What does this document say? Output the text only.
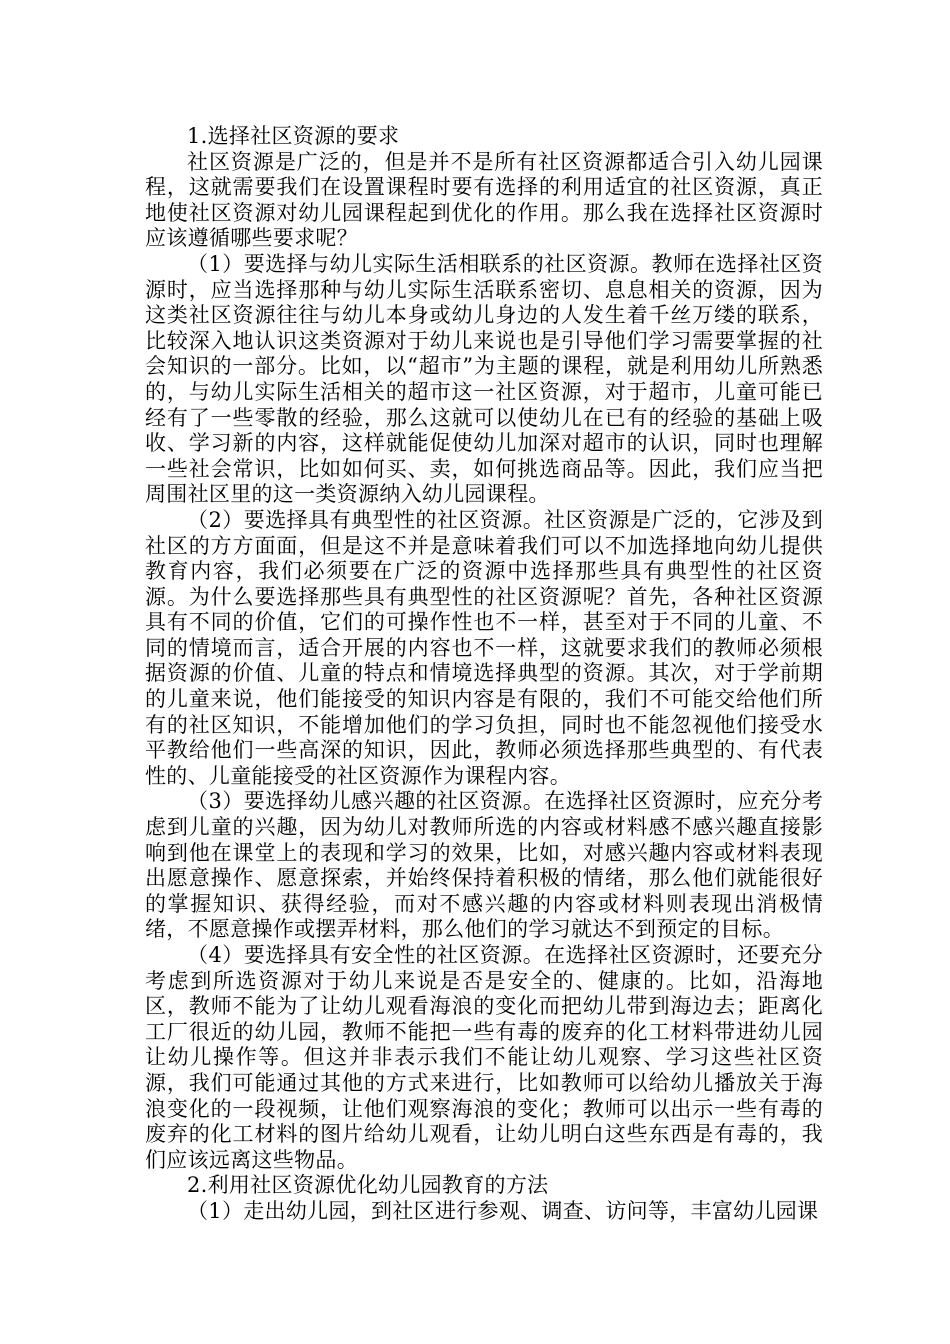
1.选择社区资源的要求

社区资源是广泛的，但是并不是所有社区资源都适合引入幼儿园课程，这就需要我们在设置课程时要有选择的利用适宜的社区资源，真正地使社区资源对幼儿园课程起到优化的作用。那么我在选择社区资源时应该遵循哪些要求呢？

（1）要选择与幼儿实际生活相联系的社区资源。教师在选择社区资源时，应当选择那种与幼儿实际生活联系密切、息息相关的资源，因为这类社区资源往往与幼儿本身或幼儿身边的人发生着千丝万缕的联系，比较深入地认识这类资源对于幼儿来说也是引导他们学习需要掌握的社会知识的一部分。比如，以“超市”为主题的课程，就是利用幼儿所熟悉的，与幼儿实际生活相关的超市这一社区资源，对于超市，儿童可能已经有了一些零散的经验，那么这就可以使幼儿在已有的经验的基础上吸收、学习新的内容，这样就能促使幼儿加深对超市的认识，同时也理解一些社会常识，比如如何买、卖，如何挑选商品等。因此，我们应当把周围社区里的这一类资源纳入幼儿园课程。

（2）要选择具有典型性的社区资源。社区资源是广泛的，它涉及到社区的方方面面，但是这不并是意味着我们可以不加选择地向幼儿提供教育内容，我们必须要在广泛的资源中选择那些具有典型性的社区资源。为什么要选择那些具有典型性的社区资源呢？首先，各种社区资源具有不同的价值，它们的可操作性也不一样，甚至对于不同的儿童、不同的情境而言，适合开展的内容也不一样，这就要求我们的教师必须根据资源的价值、儿童的特点和情境选择典型的资源。其次，对于学前期的儿童来说，他们能接受的知识内容是有限的，我们不可能交给他们所有的社区知识，不能增加他们的学习负担，同时也不能忽视他们接受水平教给他们一些高深的知识，因此，教师必须选择那些典型的、有代表性的、儿童能接受的社区资源作为课程内容。

（3）要选择幼儿感兴趣的社区资源。在选择社区资源时，应充分考虑到儿童的兴趣，因为幼儿对教师所选的内容或材料感不感兴趣直接影响到他在课堂上的表现和学习的效果，比如，对感兴趣内容或材料表现出愿意操作、愿意探索，并始终保持着积极的情绪，那么他们就能很好的掌握知识、获得经验，而对不感兴趣的内容或材料则表现出消极情绪，不愿意操作或摆弄材料，那么他们的学习就达不到预定的目标。

（4）要选择具有安全性的社区资源。在选择社区资源时，还要充分考虑到所选资源对于幼儿来说是否是安全的、健康的。比如，沿海地区，教师不能为了让幼儿观看海浪的变化而把幼儿带到海边去；距离化工厂很近的幼儿园，教师不能把一些有毒的废弃的化工材料带进幼儿园让幼儿操作等。但这并非表示我们不能让幼儿观察、学习这些社区资源，我们可能通过其他的方式来进行，比如教师可以给幼儿播放关于海浪变化的一段视频，让他们观察海浪的变化；教师可以出示一些有毒的废弃的化工材料的图片给幼儿观看，让幼儿明白这些东西是有毒的，我们应该远离这些物品。

2.利用社区资源优化幼儿园教育的方法

（1）走出幼儿园，到社区进行参观、调查、访问等，丰富幼儿园课
